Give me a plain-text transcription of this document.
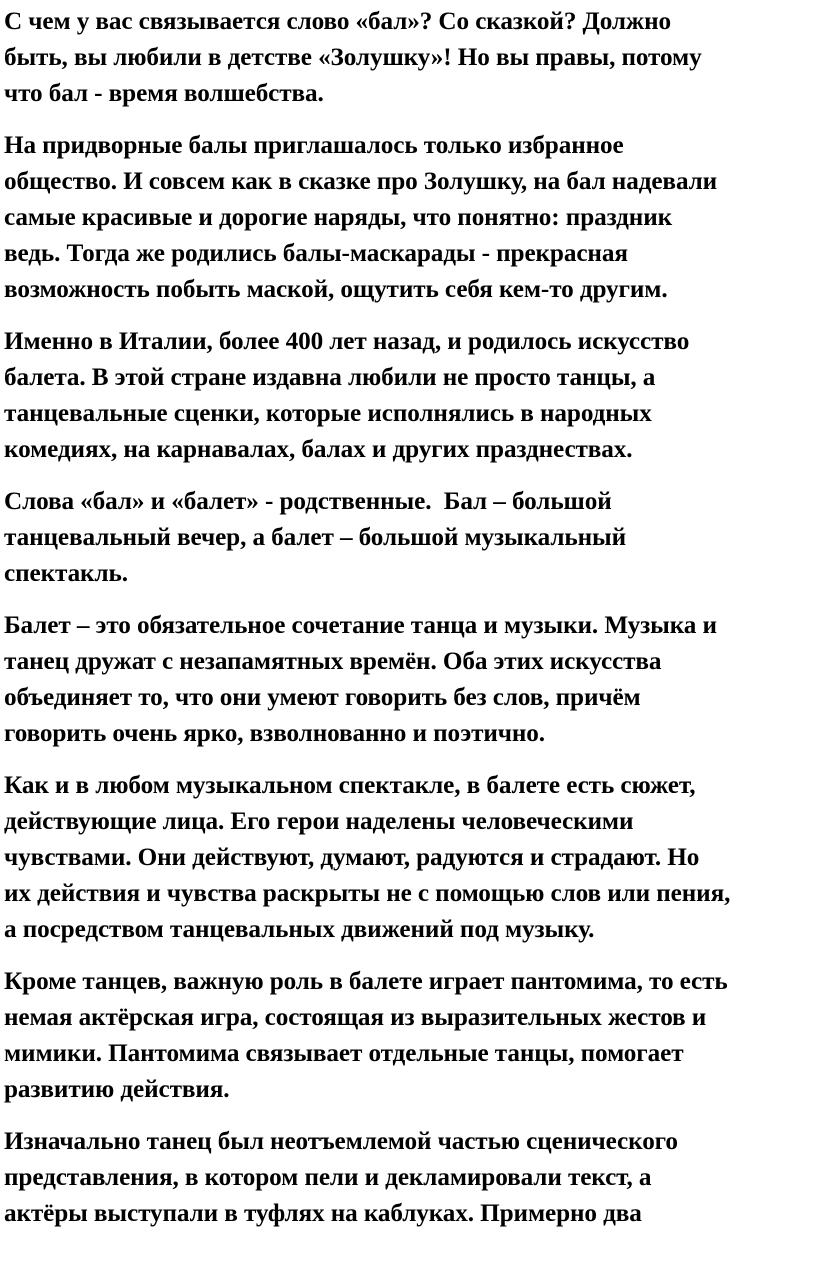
С чем у вас связывается слово «бал»? Со сказкой? Должно
быть, вы любили в детстве «Золушку»! Но вы правы, потому
что бал - время волшебства.

На придворные балы приглашалось только избранное
общество. И совсем как в сказке про Золушку, на бал надевали
самые красивые и дорогие наряды, что понятно: праздник
ведь. Тогда же родились балы-маскарады - прекрасная
возможность побыть маской, ощутить себя кем-то другим.

Именно в Италии, более 400 лет назад, и родилось искусство
балета. В этой стране издавна любили не просто танцы, а
танцевальные сценки, которые исполнялись в народных
комедиях, на карнавалах, балах и других празднествах.

Слова «бал» и «балет» - родственные.  Бал – большой
танцевальный вечер, а балет – большой музыкальный
спектакль.

Балет – это обязательное сочетание танца и музыки. Музыка и
танец дружат с незапамятных времён. Оба этих искусства
объединяет то, что они умеют говорить без слов, причём
говорить очень ярко, взволнованно и поэтично.

Как и в любом музыкальном спектакле, в балете есть сюжет,
действующие лица. Его герои наделены человеческими
чувствами. Они действуют, думают, радуются и страдают. Но
их действия и чувства раскрыты не с помощью слов или пения,
а посредством танцевальных движений под музыку.

Кроме танцев, важную роль в балете играет пантомима, то есть
немая актёрская игра, состоящая из выразительных жестов и
мимики. Пантомима связывает отдельные танцы, помогает
развитию действия.

Изначально танец был неотъемлемой частью сценического
представления, в котором пели и декламировали текст, а
актёры выступали в туфлях на каблуках. Примерно два
